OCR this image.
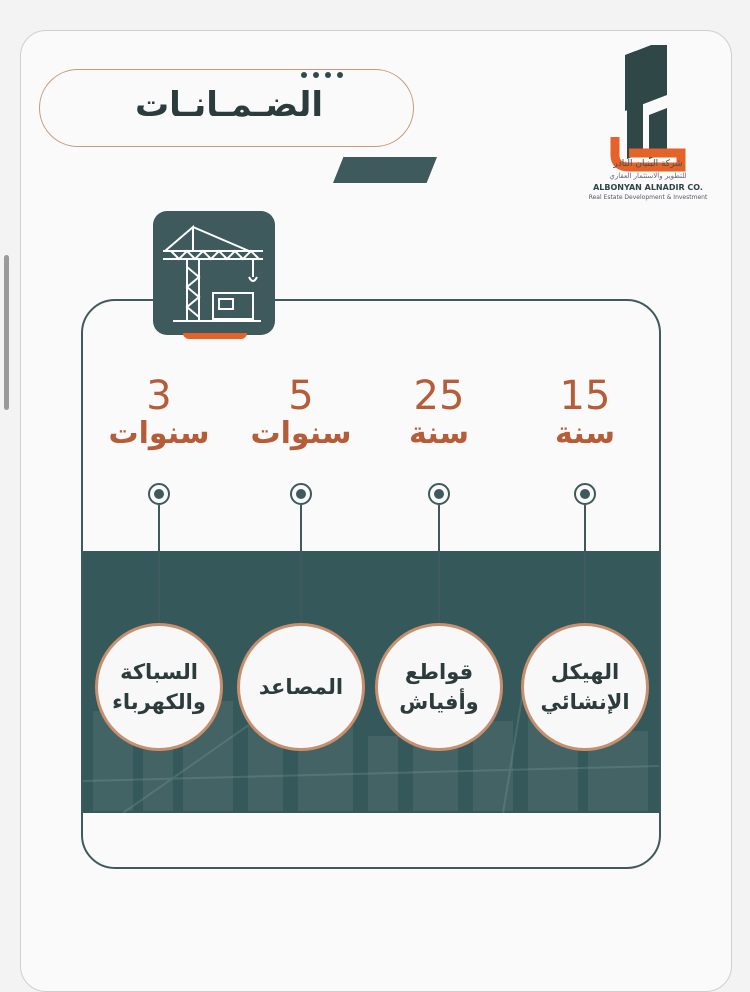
الضـمـانـات
شركة البنيان النادر
للتطوير والاستثمار العقاري
ALBONYAN ALNADIR CO.
Real Estate Development & Investment
15
سنة
الهيكل
الإنشائي
25
سنة
قواطع
وأفياش
5
سنوات
المصاعد
3
سنوات
السباكة
والكهرباء
